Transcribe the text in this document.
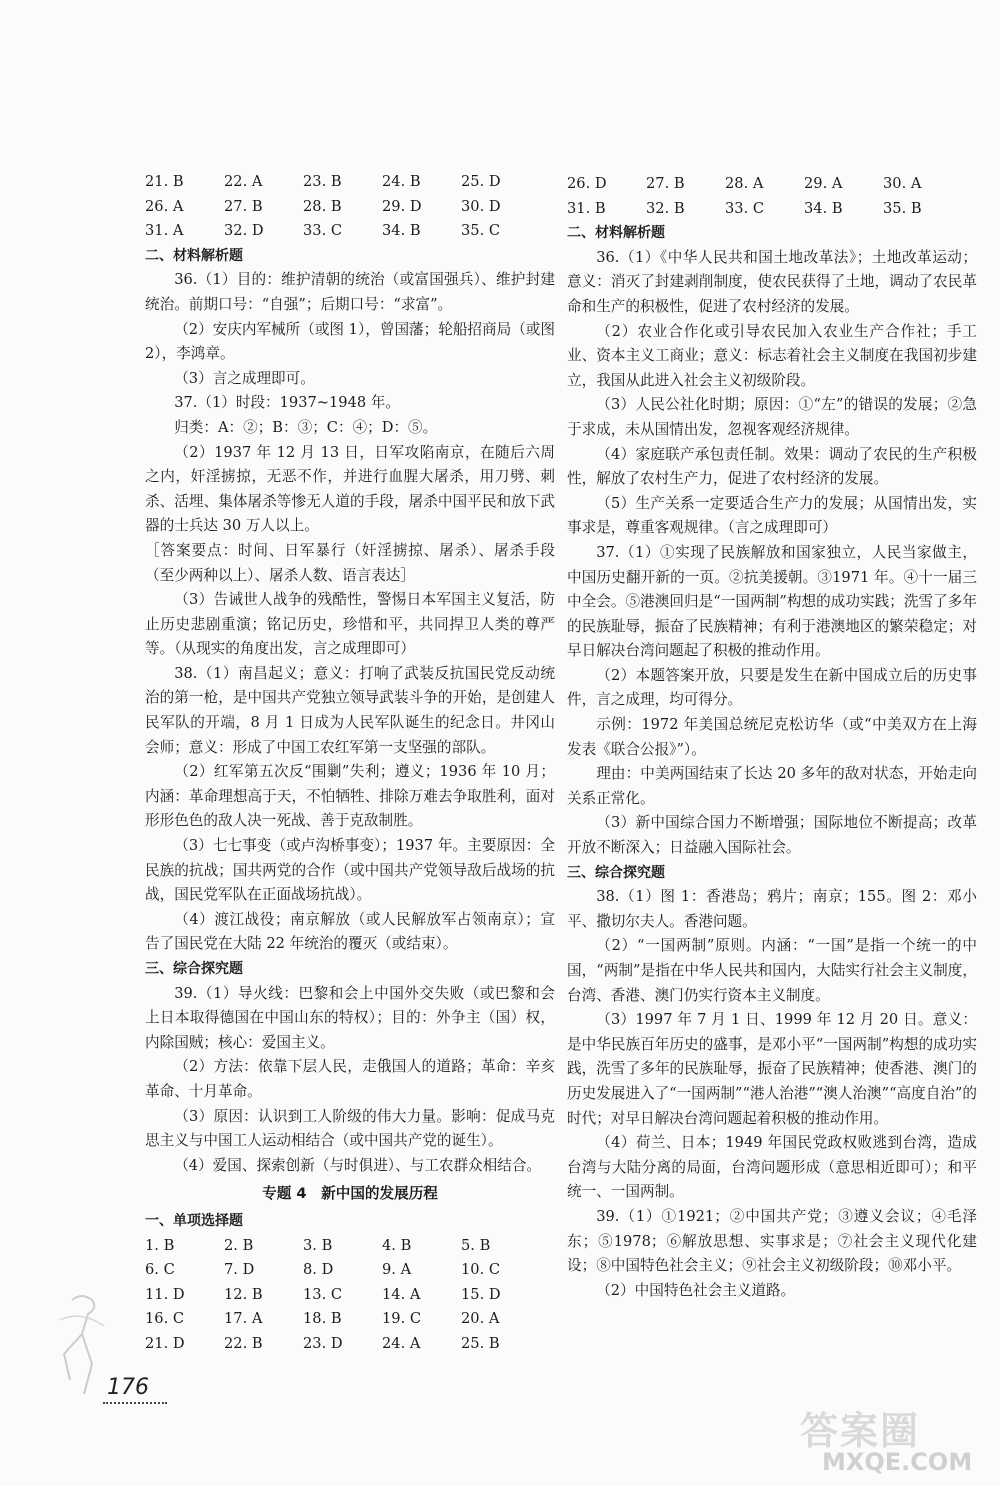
21. B	22. A	23. B	24. B	25. D
26. A	27. B	28. B	29. D	30. D
31. A	32. D	33. C	34. B	35. C
二、材料解析题
36.（1）目的：维护清朝的统治（或富国强兵）、维护封建统治。前期口号：“自强”；后期口号：“求富”。
（2）安庆内军械所（或图 1），曾国藩；轮船招商局（或图 2），李鸿章。
（3）言之成理即可。
37.（1）时段：1937~1948 年。
归类：A：②；B：③；C：④；D：⑤。
（2）1937 年 12 月 13 日，日军攻陷南京，在随后六周之内，奸淫掳掠，无恶不作，并进行血腥大屠杀，用刀劈、刺杀、活埋、集体屠杀等惨无人道的手段，屠杀中国平民和放下武器的士兵达 30 万人以上。
［答案要点：时间、日军暴行（奸淫掳掠、屠杀）、屠杀手段（至少两种以上）、屠杀人数、语言表达］
（3）告诫世人战争的残酷性，警惕日本军国主义复活，防止历史悲剧重演；铭记历史，珍惜和平，共同捍卫人类的尊严等。（从现实的角度出发，言之成理即可）
38.（1）南昌起义；意义：打响了武装反抗国民党反动统治的第一枪，是中国共产党独立领导武装斗争的开始，是创建人民军队的开端，8 月 1 日成为人民军队诞生的纪念日。井冈山会师；意义：形成了中国工农红军第一支坚强的部队。
（2）红军第五次反“围剿”失利；遵义；1936 年 10 月；内涵：革命理想高于天，不怕牺牲、排除万难去争取胜利，面对形形色色的敌人决一死战、善于克敌制胜。
（3）七七事变（或卢沟桥事变）；1937 年。主要原因：全民族的抗战；国共两党的合作（或中国共产党领导敌后战场的抗战，国民党军队在正面战场抗战）。
（4）渡江战役；南京解放（或人民解放军占领南京）；宣告了国民党在大陆 22 年统治的覆灭（或结束）。
三、综合探究题
39.（1）导火线：巴黎和会上中国外交失败（或巴黎和会上日本取得德国在中国山东的特权）；目的：外争主（国）权，内除国贼；核心：爱国主义。
（2）方法：依靠下层人民，走俄国人的道路；革命：辛亥革命、十月革命。
（3）原因：认识到工人阶级的伟大力量。影响：促成马克思主义与中国工人运动相结合（或中国共产党的诞生）。
（4）爱国、探索创新（与时俱进）、与工农群众相结合。
专题 4　新中国的发展历程
一、单项选择题
1. B	2. B	3. B	4. B	5. B
6. C	7. D	8. D	9. A	10. C
11. D	12. B	13. C	14. A	15. D
16. C	17. A	18. B	19. C	20. A
21. D	22. B	23. D	24. A	25. B
26. D	27. B	28. A	29. A	30. A
31. B	32. B	33. C	34. B	35. B
二、材料解析题
36.（1）《中华人民共和国土地改革法》；土地改革运动；意义：消灭了封建剥削制度，使农民获得了土地，调动了农民革命和生产的积极性，促进了农村经济的发展。
（2）农业合作化或引导农民加入农业生产合作社；手工业、资本主义工商业；意义：标志着社会主义制度在我国初步建立，我国从此进入社会主义初级阶段。
（3）人民公社化时期；原因：①“左”的错误的发展；②急于求成，未从国情出发，忽视客观经济规律。
（4）家庭联产承包责任制。效果：调动了农民的生产积极性，解放了农村生产力，促进了农村经济的发展。
（5）生产关系一定要适合生产力的发展；从国情出发，实事求是，尊重客观规律。（言之成理即可）
37.（1）①实现了民族解放和国家独立，人民当家做主，中国历史翻开新的一页。②抗美援朝。③1971 年。④十一届三中全会。⑤港澳回归是“一国两制”构想的成功实践；洗雪了多年的民族耻辱，振奋了民族精神；有利于港澳地区的繁荣稳定；对早日解决台湾问题起了积极的推动作用。
（2）本题答案开放，只要是发生在新中国成立后的历史事件，言之成理，均可得分。
示例：1972 年美国总统尼克松访华（或“中美双方在上海发表《联合公报》”）。
理由：中美两国结束了长达 20 多年的敌对状态，开始走向关系正常化。
（3）新中国综合国力不断增强；国际地位不断提高；改革开放不断深入；日益融入国际社会。
三、综合探究题
38.（1）图 1：香港岛；鸦片；南京；155。图 2：邓小平、撒切尔夫人。香港问题。
（2）“一国两制”原则。内涵：“一国”是指一个统一的中国，“两制”是指在中华人民共和国内，大陆实行社会主义制度，台湾、香港、澳门仍实行资本主义制度。
（3）1997 年 7 月 1 日、1999 年 12 月 20 日。意义：是中华民族百年历史的盛事，是邓小平“一国两制”构想的成功实践，洗雪了多年的民族耻辱，振奋了民族精神；使香港、澳门的历史发展进入了“一国两制”“港人治港”“澳人治澳”“高度自治”的时代；对早日解决台湾问题起着积极的推动作用。
（4）荷兰、日本；1949 年国民党政权败逃到台湾，造成台湾与大陆分离的局面，台湾问题形成（意思相近即可）；和平统一、一国两制。
39.（1）①1921；②中国共产党；③遵义会议；④毛泽东；⑤1978；⑥解放思想、实事求是；⑦社会主义现代化建设；⑧中国特色社会主义；⑨社会主义初级阶段；⑩邓小平。
（2）中国特色社会主义道路。
176
答案圈
MXQE.COM
